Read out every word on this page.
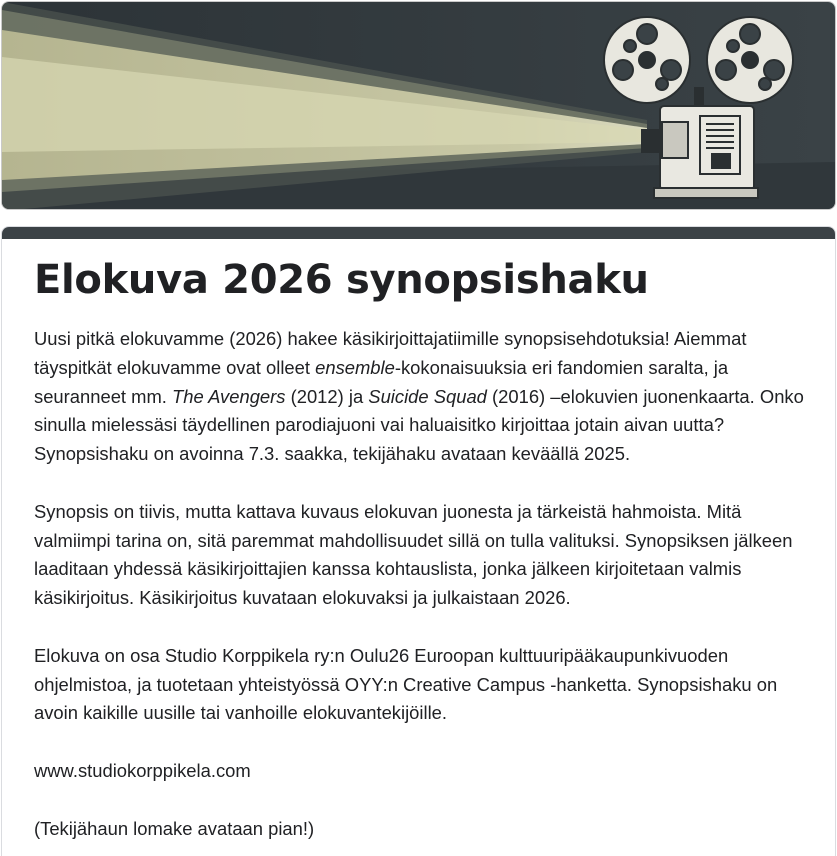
Elokuva 2026 synopsishaku

Uusi pitkä elokuvamme (2026) hakee käsikirjoittajatiimille synopsisehdotuksia! Aiemmat täyspitkät elokuvamme ovat olleet ensemble-kokonaisuuksia eri fandomien saralta, ja seuranneet mm. The Avengers (2012) ja Suicide Squad (2016) –elokuvien juonenkaarta. Onko sinulla mielessäsi täydellinen parodiajuoni vai haluaisitko kirjoittaa jotain aivan uutta? Synopsishaku on avoinna 7.3. saakka, tekijähaku avataan keväällä 2025.

Synopsis on tiivis, mutta kattava kuvaus elokuvan juonesta ja tärkeistä hahmoista. Mitä valmiimpi tarina on, sitä paremmat mahdollisuudet sillä on tulla valituksi. Synopsiksen jälkeen laaditaan yhdessä käsikirjoittajien kanssa kohtauslista, jonka jälkeen kirjoitetaan valmis käsikirjoitus. Käsikirjoitus kuvataan elokuvaksi ja julkaistaan 2026.

Elokuva on osa Studio Korppikela ry:n Oulu26 Euroopan kulttuuripääkaupunkivuoden ohjelmistoa, ja tuotetaan yhteistyössä OYY:n Creative Campus -hanketta. Synopsishaku on avoin kaikille uusille tai vanhoille elokuvantekijöille.

www.studiokorppikela.com

(Tekijähaun lomake avataan pian!)
